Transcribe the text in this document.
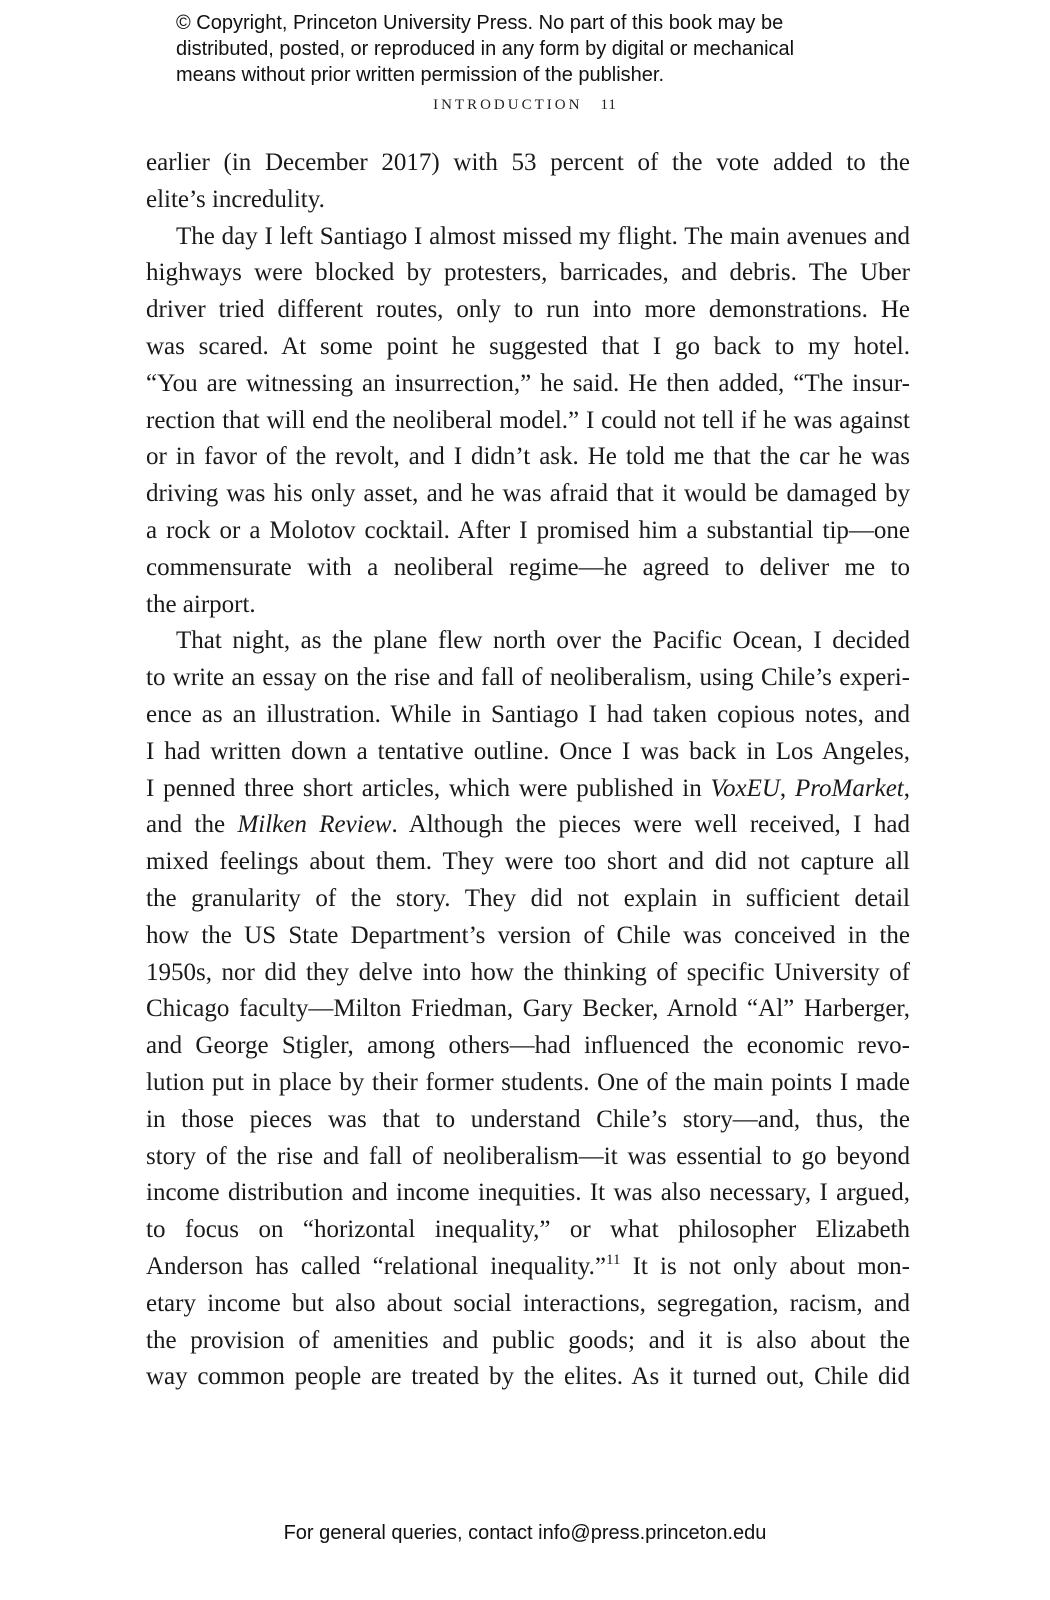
© Copyright, Princeton University Press. No part of this book may be
distributed, posted, or reproduced in any form by digital or mechanical
means without prior written permission of the publisher.
INTRODUCTION 11
earlier (in December 2017) with 53 percent of the vote added to the
elite’s incredulity.
The day I left Santiago I almost missed my flight. The main avenues and
highways were blocked by protesters, barricades, and debris. The Uber
driver tried different routes, only to run into more demonstrations. He
was scared. At some point he suggested that I go back to my hotel.
“You are witnessing an insurrection,” he said. He then added, “The insur-
rection that will end the neoliberal model.” I could not tell if he was against
or in favor of the revolt, and I didn’t ask. He told me that the car he was
driving was his only asset, and he was afraid that it would be damaged by
a rock or a Molotov cocktail. After I promised him a substantial tip—one
commensurate with a neoliberal regime—he agreed to deliver me to
the airport.
That night, as the plane flew north over the Pacific Ocean, I decided
to write an essay on the rise and fall of neoliberalism, using Chile’s experi-
ence as an illustration. While in Santiago I had taken copious notes, and
I had written down a tentative outline. Once I was back in Los Angeles,
I penned three short articles, which were published in VoxEU, ProMarket,
and the Milken Review. Although the pieces were well received, I had
mixed feelings about them. They were too short and did not capture all
the granularity of the story. They did not explain in sufficient detail
how the US State Department’s version of Chile was conceived in the
1950s, nor did they delve into how the thinking of specific University of
Chicago faculty—Milton Friedman, Gary Becker, Arnold “Al” Harberger,
and George Stigler, among others—had influenced the economic revo-
lution put in place by their former students. One of the main points I made
in those pieces was that to understand Chile’s story—and, thus, the
story of the rise and fall of neoliberalism—it was essential to go beyond
income distribution and income inequities. It was also necessary, I argued,
to focus on “horizontal inequality,” or what philosopher Elizabeth
Anderson has called “relational inequality.”$^{11}$ It is not only about mon-
etary income but also about social interactions, segregation, racism, and
the provision of amenities and public goods; and it is also about the
way common people are treated by the elites. As it turned out, Chile did
For general queries, contact info@press.princeton.edu
